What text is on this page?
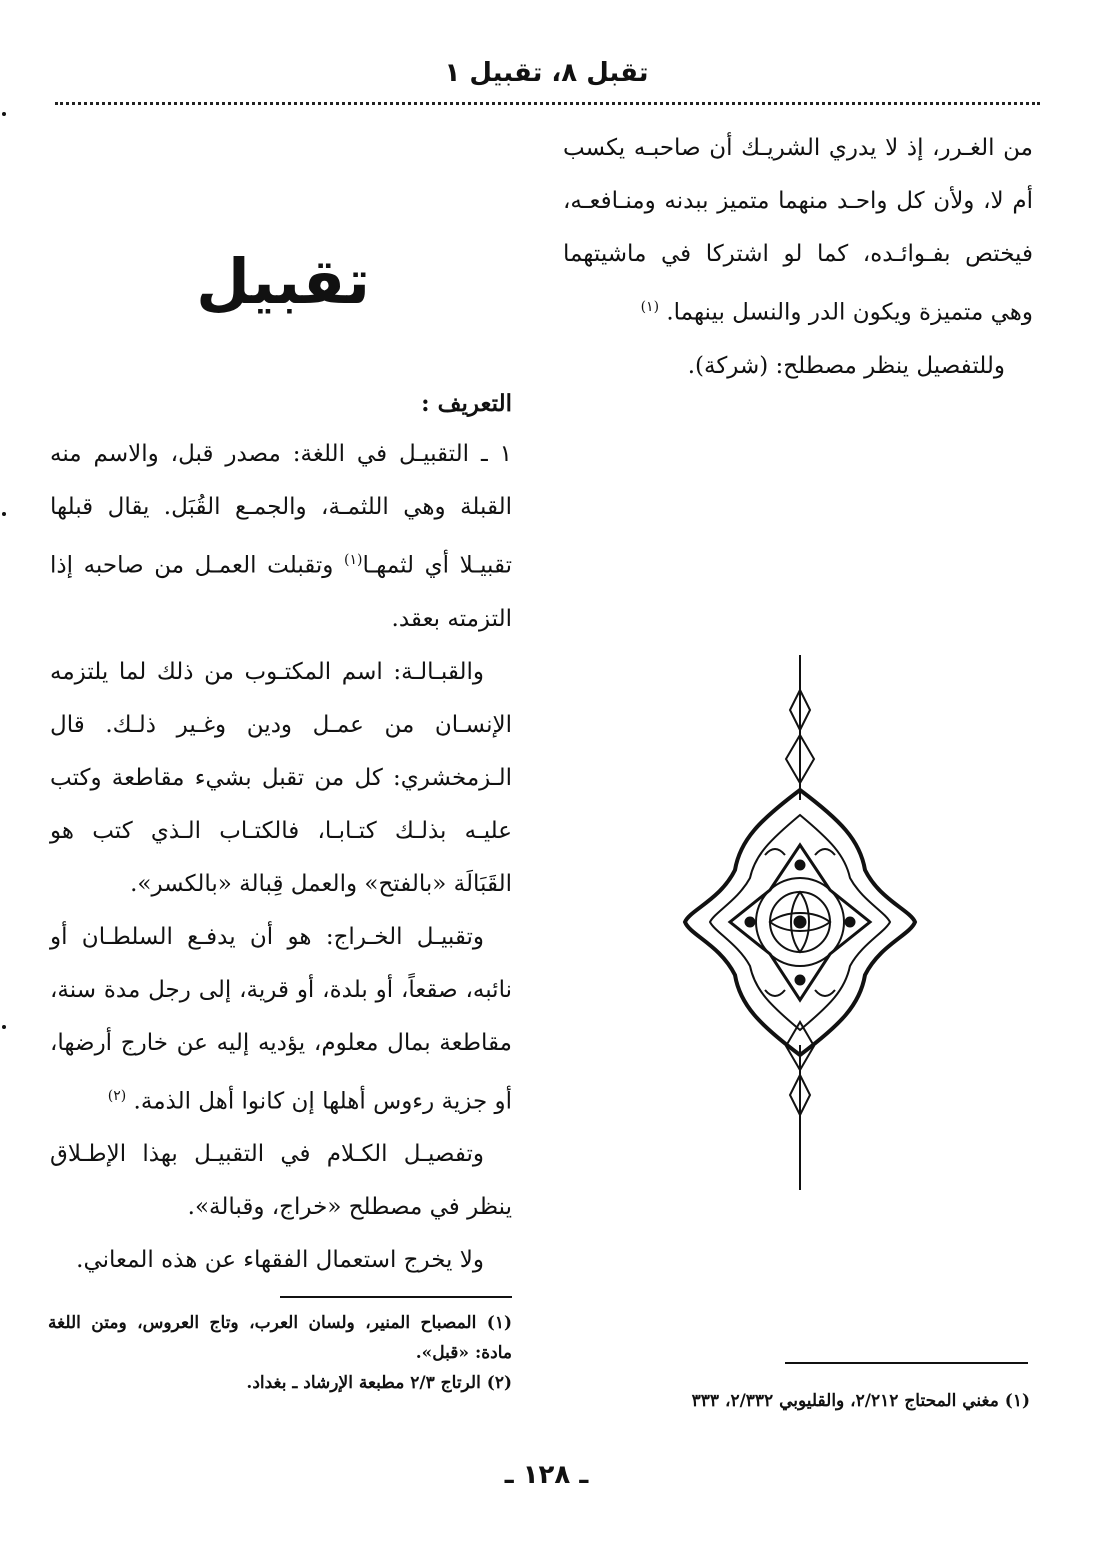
تقبل ٨، تقبيل ١

من الغـرر، إذ لا يدري الشريـك أن صاحبـه يكسب أم لا، ولأن كل واحـد منهما متميز ببدنه ومنـافعـه، فيختص بفـوائـده، كما لو اشتركا في ماشيتهما وهي متميزة ويكون الدر والنسل بينهما. $^{(١)}$

وللتفصيل ينظر مصطلح: (شركة).

تقبيل

التعريف :

١ ـ التقبيـل في اللغة: مصدر قبل، والاسم منه القبلة وهي اللثمـة، والجمـع القُبَل. يقال قبلها تقبيـلا أي لثمهـا$^{(١)}$ وتقبلت العمـل من صاحبه إذا التزمته بعقد.

والقبـالـة: اسم المكتـوب من ذلك لما يلتزمه الإنسـان من عمـل ودين وغـير ذلـك. قال الـزمخشري: كل من تقبل بشيء مقاطعة وكتب عليـه بذلـك كتـابـا، فالكتـاب الـذي كتب هو القَبَالَة «بالفتح» والعمل قِبالة «بالكسر».

وتقبيـل الخـراج: هو أن يدفـع السلطـان أو نائبه، صقعاً، أو بلدة، أو قرية، إلى رجل مدة سنة، مقاطعة بمال معلوم، يؤديه إليه عن خارج أرضها، أو جزية رءوس أهلها إن كانوا أهل الذمة. $^{(٢)}$

وتفصيـل الكـلام في التقبيـل بهذا الإطـلاق ينظر في مصطلح «خراج، وقبالة».

ولا يخرج استعمال الفقهاء عن هذه المعاني.

(١) المصباح المنير، ولسان العرب، وتاج العروس، ومتن اللغة مادة: «قبل».

(٢) الرتاج ٢/٣ مطبعة الإرشاد ـ بغداد.

(١) مغني المحتاج ٢/٢١٢، والقليوبي ٢/٣٣٢، ٣٣٣

ـ ١٢٨ ـ
